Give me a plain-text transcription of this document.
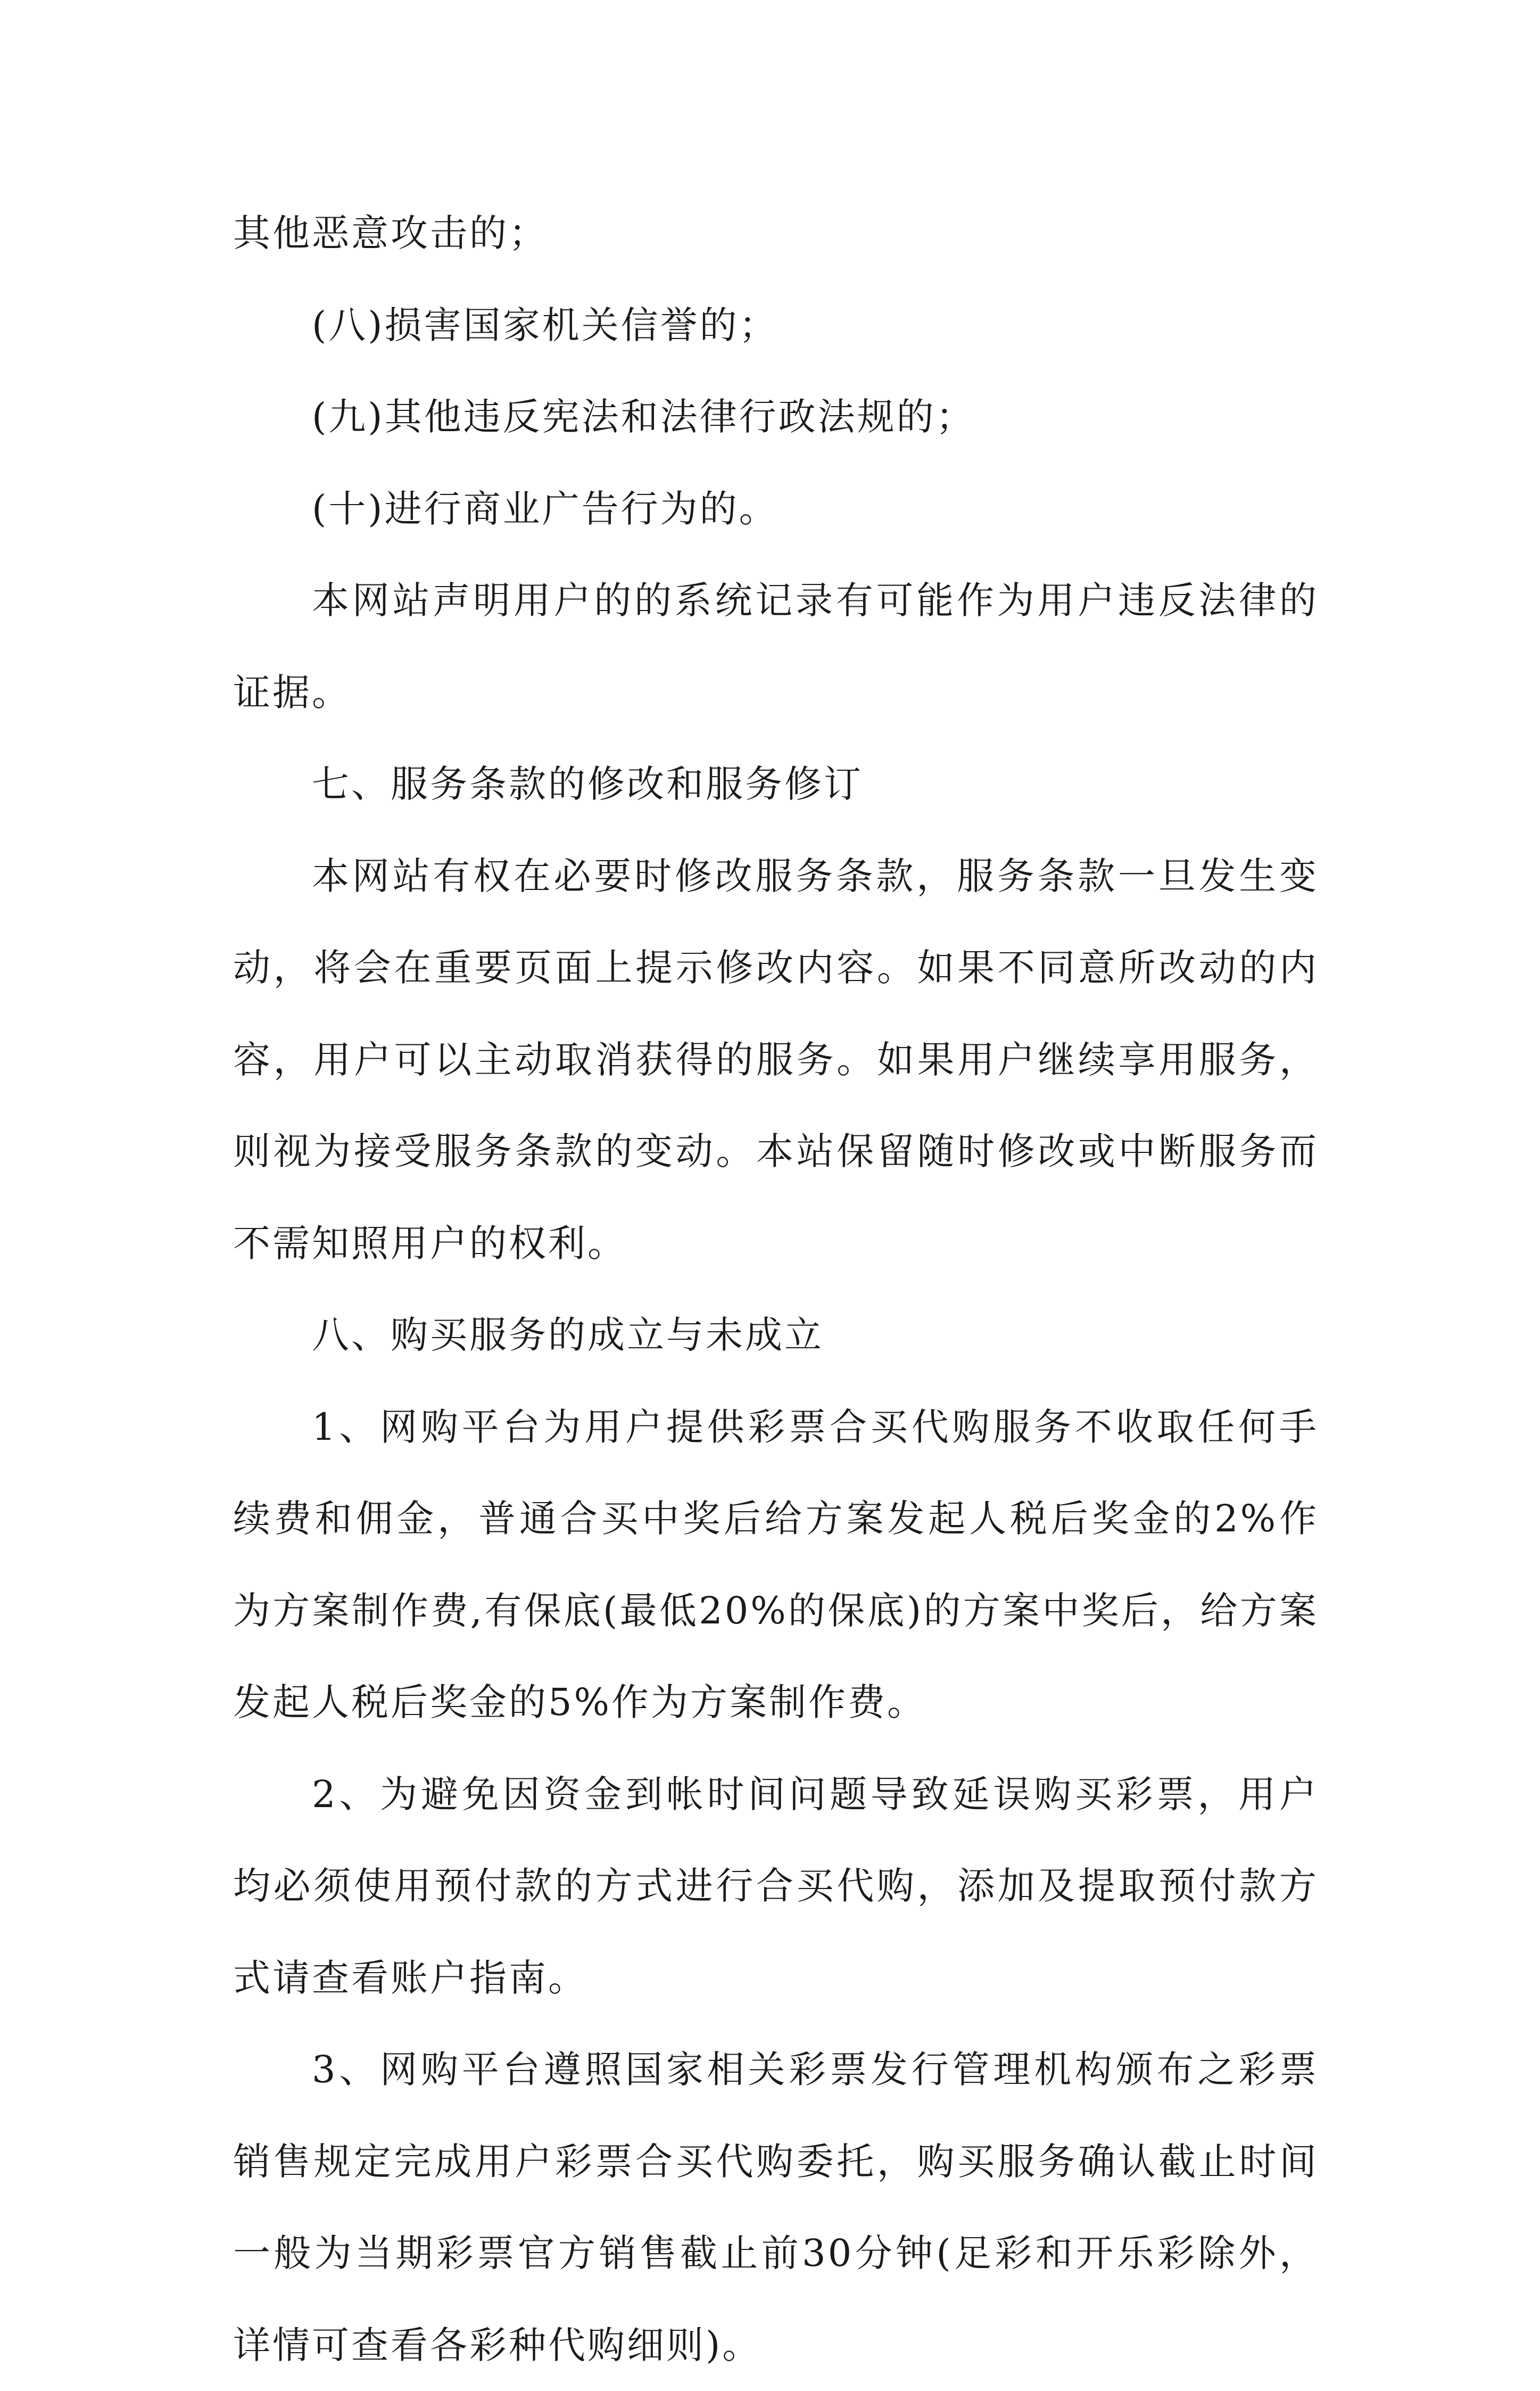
其他恶意攻击的；

(八)损害国家机关信誉的；

(九)其他违反宪法和法律行政法规的；

(十)进行商业广告行为的。

本网站声明用户的的系统记录有可能作为用户违反法律的证据。

七、服务条款的修改和服务修订

本网站有权在必要时修改服务条款，服务条款一旦发生变动，将会在重要页面上提示修改内容。如果不同意所改动的内容，用户可以主动取消获得的服务。如果用户继续享用服务，则视为接受服务条款的变动。本站保留随时修改或中断服务而不需知照用户的权利。

八、购买服务的成立与未成立

1、网购平台为用户提供彩票合买代购服务不收取任何手续费和佣金，普通合买中奖后给方案发起人税后奖金的2%作为方案制作费,有保底(最低20%的保底)的方案中奖后，给方案发起人税后奖金的5%作为方案制作费。

2、为避免因资金到帐时间问题导致延误购买彩票，用户均必须使用预付款的方式进行合买代购，添加及提取预付款方式请查看账户指南。

3、网购平台遵照国家相关彩票发行管理机构颁布之彩票销售规定完成用户彩票合买代购委托，购买服务确认截止时间一般为当期彩票官方销售截止前30分钟(足彩和开乐彩除外，详情可查看各彩种代购细则)。
